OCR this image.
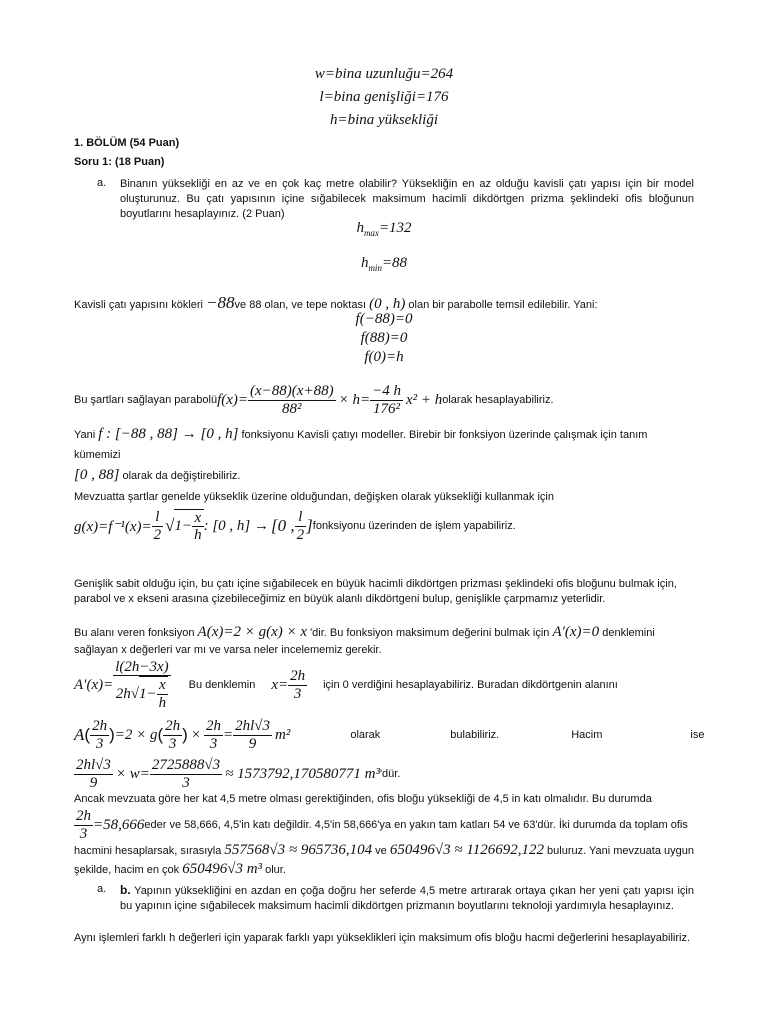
w=bina uzunluğu=264
l=bina genişliği=176
h=bina yüksekliği
1. BÖLÜM (54 Puan)
Soru 1: (18 Puan)
a. Binanın yüksekliği en az ve en çok kaç metre olabilir? Yüksekliğin en az olduğu kavisli çatı yapısı için bir model oluşturunuz. Bu çatı yapısının içine sığabilecek maksimum hacimli dikdörtgen prizma şeklindeki ofis bloğunun boyutlarını hesaplayınız. (2 Puan)
$h_{max}=132$
$h_{min}=88$
Kavisli çatı yapısını kökleri −88ve 88 olan, ve tepe noktası (0 , h) olan bir parabolle temsil edilebilir. Yani:
f(−88)=0
f(88)=0
f(0)=h
Bu şartları sağlayan parabolü $f(x)= \frac{(x-88)(x+88)}{\text{88²}} \times h= \frac{-4 h}{\text{176²}} x^2 + h$ olarak hesaplayabiliriz.
Yani f : [−88 , 88] → [0 , h] fonksiyonu Kavisli çatıyı modeller. Birebir bir fonksiyon üzerinde çalışmak için tanım kümemizi
[0 , 88] olarak da değiştirebiliriz.
Mevzuatta şartlar genelde yükseklik üzerine olduğundan, değişken olarak yüksekliği kullanmak için
$g(x)=f^{-1}(x)= \frac{l}{2}$ √ $1- \frac{x}{h}$ : [0 , h] → [0 , $\frac{l}{2}$ ] fonksiyonu üzerinden de işlem yapabiliriz.
Genişlik sabit olduğu için, bu çatı içine sığabilecek en büyük hacimli dikdörtgen prizması şeklindeki ofis bloğunu bulmak için, parabol ve x ekseni arasına çizebileceğimiz en büyük alanlı dikdörtgeni bulup, genişlikle çarpmamız yeterlidir.
Bu alanı veren fonksiyon A(x)=2 × g(x) × x 'dir. Bu fonksiyon maksimum değerini bulmak için A′(x)=0 denklemini sağlayan x değerleri var mı ve varsa neler incelememiz gerekir.
$A'(x)= \frac{l(2h-3x)}{2h √ 1- \frac{x}{h}}$ Bu denklemin $x= \frac{2h}{3}$ için 0 verdiğini hesaplayabiliriz. Buradan dikdörtgenin alanını
A ( $\frac{2h}{3}$ ) =2 × g ( $\frac{2h}{3}$ ) × $\frac{2h}{3} = \frac{2hl√3}{9} m^2$	olarak	bulabiliriz.	Hacim	ise
$\frac{2hl√3}{9} \times w= \frac{2725888√3}{3} \approx 1573792,170580771$ m³ 'dür.
Ancak mevzuata göre her kat 4,5 metre olması gerektiğinden, ofis bloğu yüksekliği de 4,5 in katı olmalıdır. Bu durumda
$\frac{2h}{3} =58,666$ eder ve 58,666, 4,5'in katı değildir. 4,5'in 58,666'ya en yakın tam katları 54 ve 63'dür. İki durumda da toplam ofis
hacmini hesaplarsak, sırasıyla 557568√3 ≈ 965736,104 ve 650496√3 ≈ 1126692,122 buluruz. Yani mevzuata uygun
şekilde, hacim en çok 650496√3 m³ olur.
a. b. Yapının yüksekliğini en azdan en çoğa doğru her seferde 4,5 metre artırarak ortaya çıkan her yeni çatı yapısı için bu yapının içine sığabilecek maksimum hacimli dikdörtgen prizmanın boyutlarını teknoloji yardımıyla hesaplayınız.
Aynı işlemleri farklı h değerleri için yaparak farklı yapı yükseklikleri için maksimum ofis bloğu hacmi değerlerini hesaplayabiliriz.
